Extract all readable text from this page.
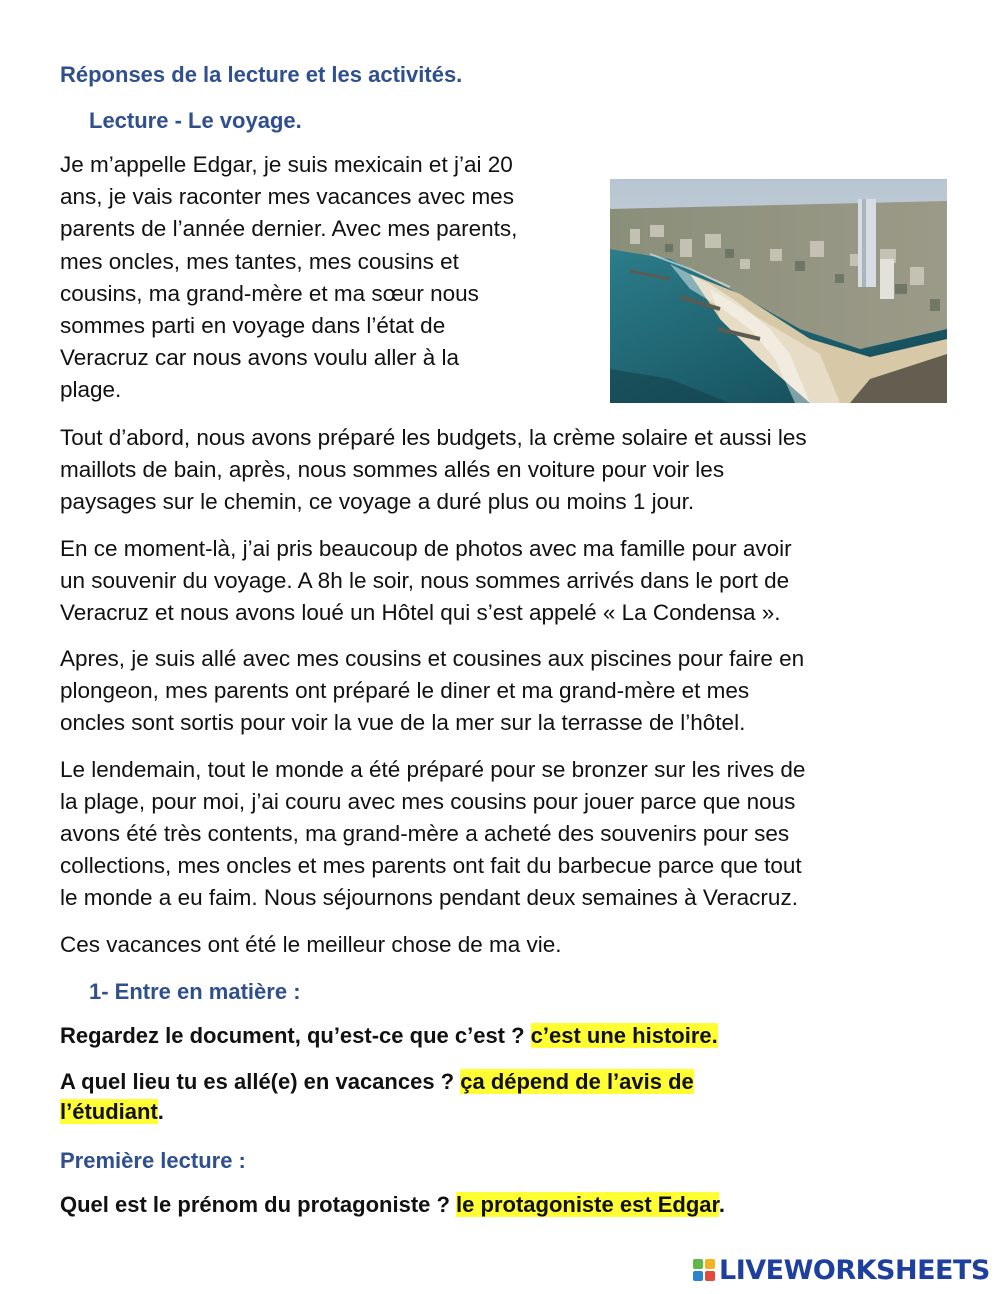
Réponses de la lecture et les activités.
Lecture - Le voyage.
Je m’appelle Edgar, je suis mexicain et j’ai 20
ans, je vais raconter mes vacances avec mes
parents de l’année dernier. Avec mes parents,
mes oncles, mes tantes, mes cousins et
cousins, ma grand-mère et ma sœur nous
sommes parti en voyage dans l’état de
Veracruz car nous avons voulu aller à la
plage.
Tout d’abord, nous avons préparé les budgets, la crème solaire et aussi les
maillots de bain, après, nous sommes allés en voiture pour voir les
paysages sur le chemin, ce voyage a duré plus ou moins 1 jour.
En ce moment-là, j’ai pris beaucoup de photos avec ma famille pour avoir
un souvenir du voyage. A 8h le soir, nous sommes arrivés dans le port de
Veracruz et nous avons loué un Hôtel qui s’est appelé « La Condensa ».
Apres, je suis allé avec mes cousins et cousines aux piscines pour faire en
plongeon, mes parents ont préparé le diner et ma grand-mère et mes
oncles sont sortis pour voir la vue de la mer sur la terrasse de l’hôtel.
Le lendemain, tout le monde a été préparé pour se bronzer sur les rives de
la plage, pour moi, j’ai couru avec mes cousins pour jouer parce que nous
avons été très contents, ma grand-mère a acheté des souvenirs pour ses
collections, mes oncles et mes parents ont fait du barbecue parce que tout
le monde a eu faim. Nous séjournons pendant deux semaines à Veracruz.
Ces vacances ont été le meilleur chose de ma vie.
1- Entre en matière :
Regardez le document, qu’est-ce que c’est ? c’est une histoire.
A quel lieu tu es allé(e) en vacances ? ça dépend de l’avis de
l’étudiant.
Première lecture :
Quel est le prénom du protagoniste ? le protagoniste est Edgar.
LIVEWORKSHEETS
